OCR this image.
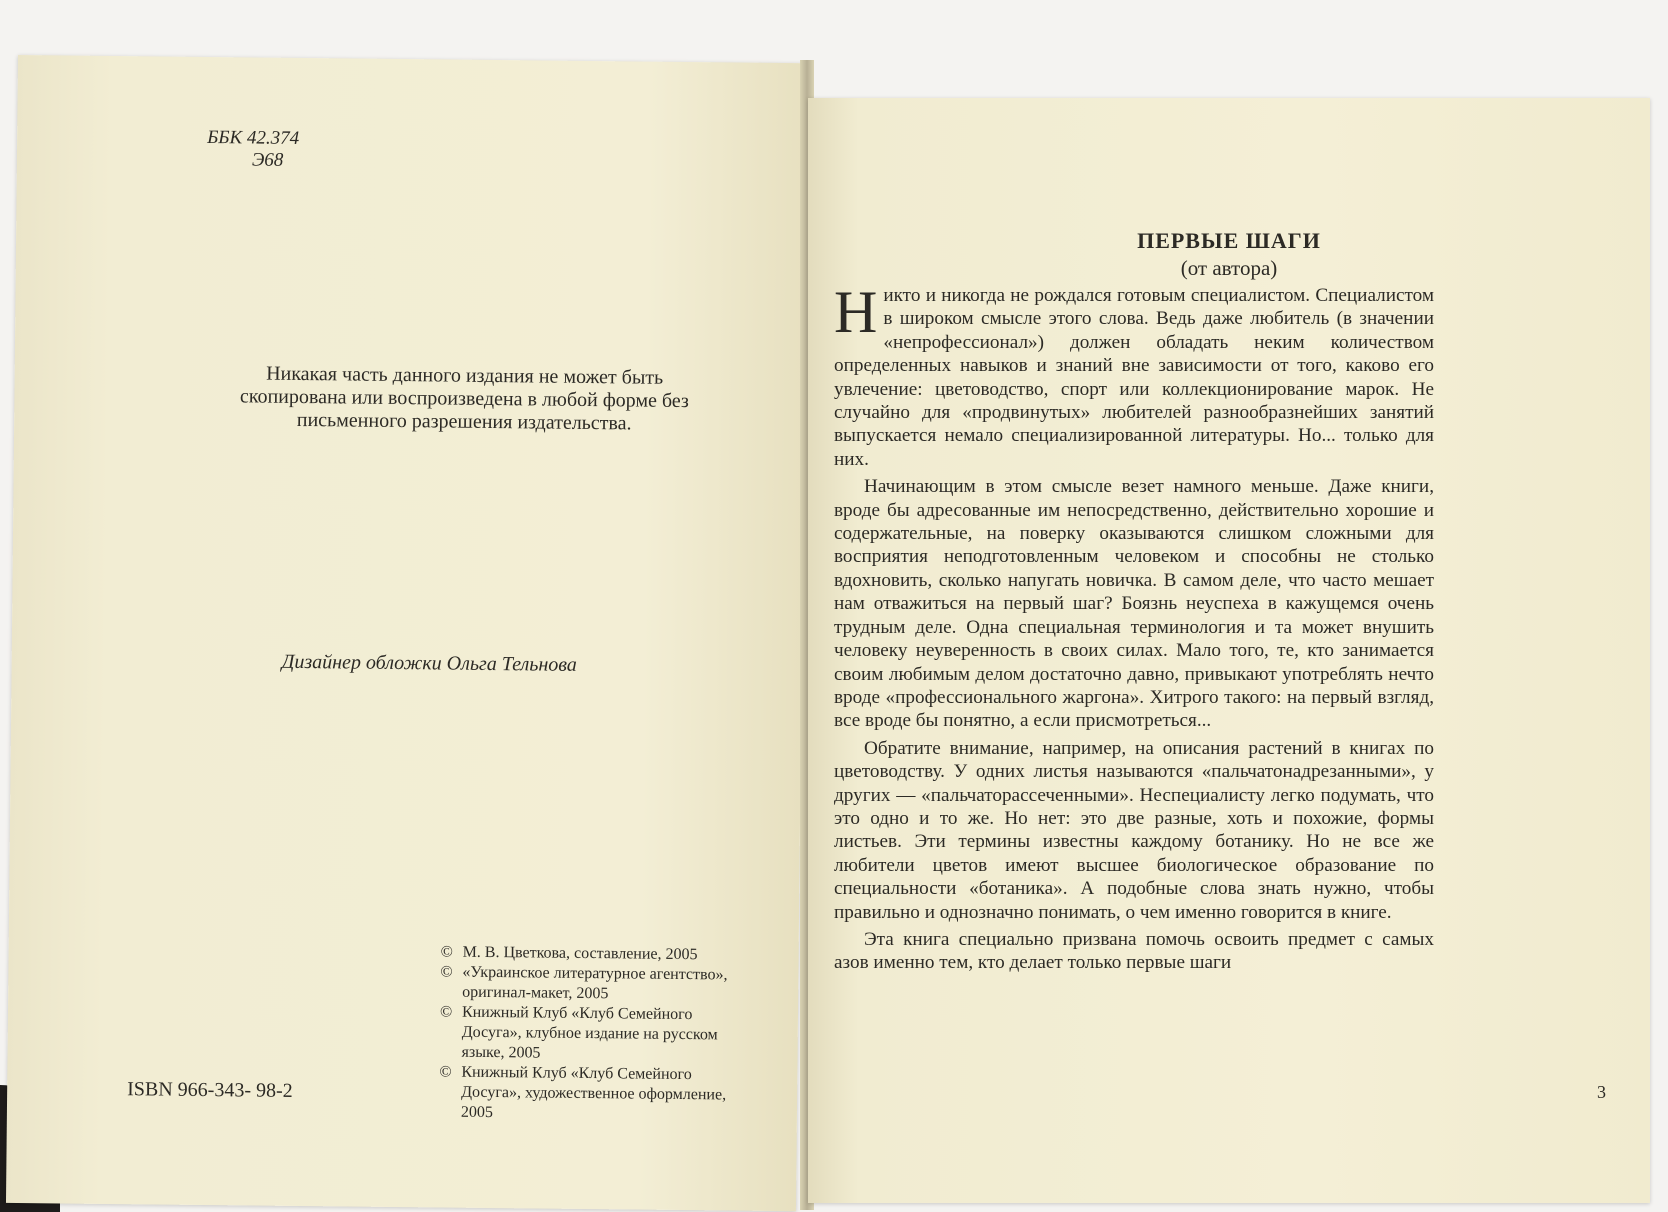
ББК 42.374
Э68
Никакая часть данного издания не может быть скопирована или воспроизведена в любой форме без письменного разрешения издательства.
Дизайнер обложки Ольга Тельнова
© М. В. Цветкова, составление, 2005
© «Украинское литературное агентство», оригинал-макет, 2005
© Книжный Клуб «Клуб Семейного Досуга», клубное издание на русском языке, 2005
© Книжный Клуб «Клуб Семейного Досуга», художественное оформление, 2005
ISBN 966-343- 98-2
ПЕРВЫЕ ШАГИ
(от автора)

Никто и никогда не рождался готовым специалистом. Специалистом в широком смысле этого слова. Ведь даже любитель (в значении «непрофессионал») должен обладать неким количеством определенных навыков и знаний вне зависимости от того, каково его увлечение: цветоводство, спорт или коллекционирование марок. Не случайно для «продвинутых» любителей разнообразнейших занятий выпускается немало специализированной литературы. Но... только для них.

Начинающим в этом смысле везет намного меньше. Даже книги, вроде бы адресованные им непосредственно, действительно хорошие и содержательные, на поверку оказываются слишком сложными для восприятия неподготовленным человеком и способны не столько вдохновить, сколько напугать новичка. В самом деле, что часто мешает нам отважиться на первый шаг? Боязнь неуспеха в кажущемся очень трудным деле. Одна специальная терминология и та может внушить человеку неуверенность в своих силах. Мало того, те, кто занимается своим любимым делом достаточно давно, привыкают употреблять нечто вроде «профессионального жаргона». Хитрого такого: на первый взгляд, все вроде бы понятно, а если присмотреться...

Обратите внимание, например, на описания растений в книгах по цветоводству. У одних листья называются «пальчатонадрезанными», у других — «пальчаторассеченными». Неспециалисту легко подумать, что это одно и то же. Но нет: это две разные, хоть и похожие, формы листьев. Эти термины известны каждому ботанику. Но не все же любители цветов имеют высшее биологическое образование по специальности «ботаника». А подобные слова знать нужно, чтобы правильно и однозначно понимать, о чем именно говорится в книге.

Эта книга специально призвана помочь освоить предмет с самых азов именно тем, кто делает только первые шаги

3
